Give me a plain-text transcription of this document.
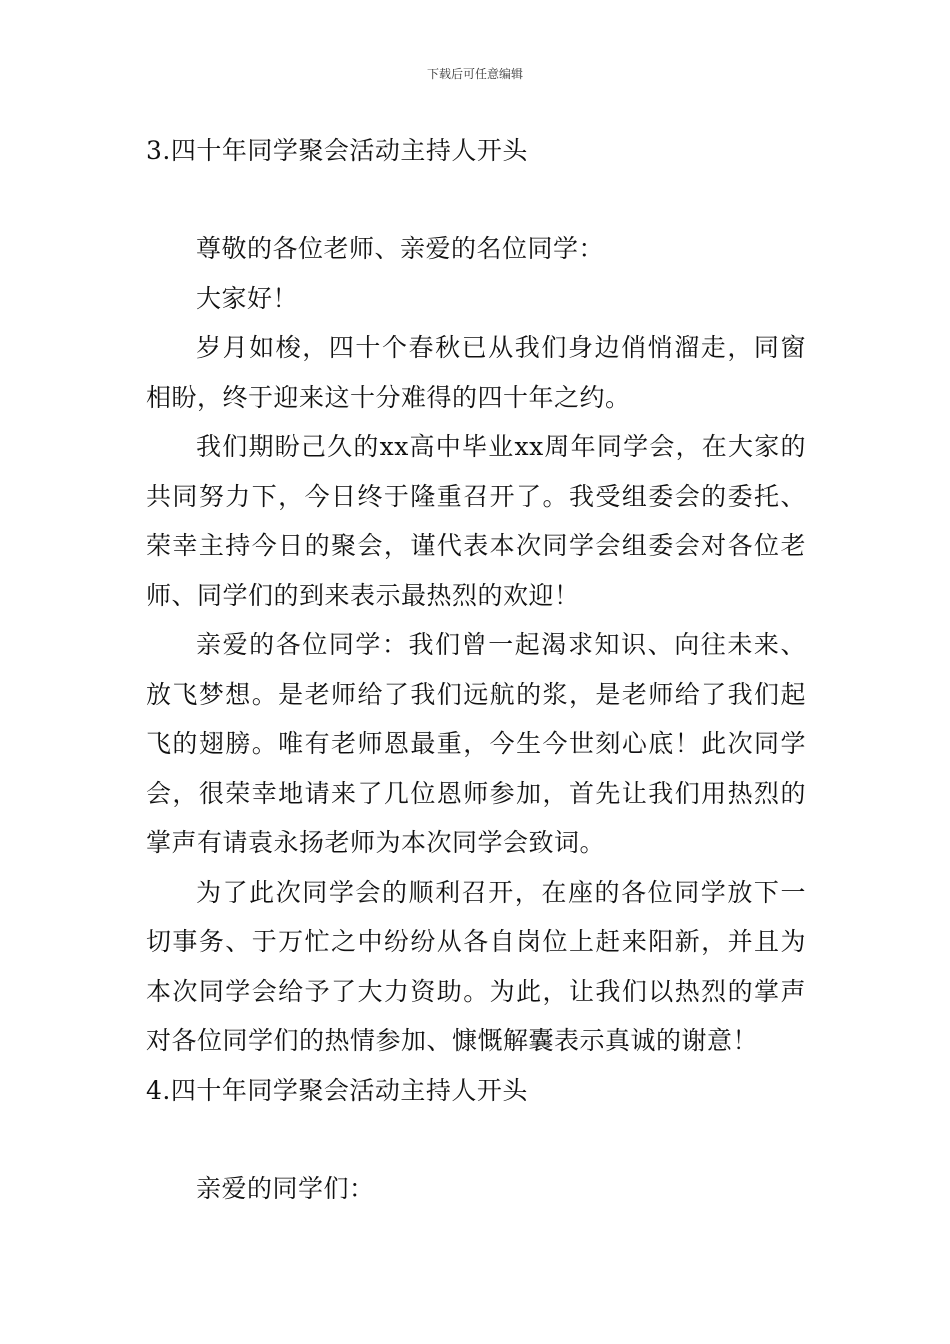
下载后可任意编辑
3.四十年同学聚会活动主持人开头

尊敬的各位老师、亲爱的名位同学：

大家好！

岁月如梭，四十个春秋已从我们身边俏悄溜走，同窗相盼，终于迎来这十分难得的四十年之约。

我们期盼己久的xx高中毕业xx周年同学会，在大家的共同努力下，今日终于隆重召开了。我受组委会的委托、荣幸主持今日的聚会，谨代表本次同学会组委会对各位老师、同学们的到来表示最热烈的欢迎！

亲爱的各位同学：我们曾一起渴求知识、向往未来、放飞梦想。是老师给了我们远航的浆，是老师给了我们起飞的翅膀。唯有老师恩最重，今生今世刻心底！此次同学会，很荣幸地请来了几位恩师参加，首先让我们用热烈的掌声有请袁永扬老师为本次同学会致词。

为了此次同学会的顺利召开，在座的各位同学放下一切事务、于万忙之中纷纷从各自岗位上赶来阳新，并且为本次同学会给予了大力资助。为此，让我们以热烈的掌声对各位同学们的热情参加、慷慨解囊表示真诚的谢意！

4.四十年同学聚会活动主持人开头

亲爱的同学们：
